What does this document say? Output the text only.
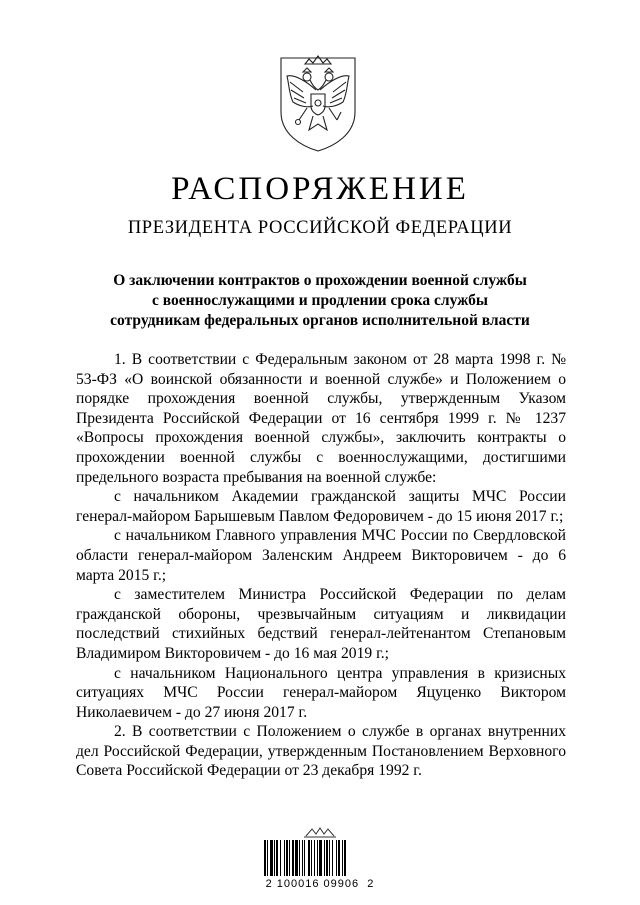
РАСПОРЯЖЕНИЕ
ПРЕЗИДЕНТА РОССИЙСКОЙ ФЕДЕРАЦИИ
О заключении контрактов о прохождении военной службы
с военнослужащими и продлении срока службы
сотрудникам федеральных органов исполнительной власти

1. В соответствии с Федеральным законом от 28 марта 1998 г. № 53-ФЗ «О воинской обязанности и военной службе» и Положением о порядке прохождения военной службы, утвержденным Указом Президента Российской Федерации от 16 сентября 1999 г. № 1237 «Вопросы прохождения военной службы», заключить контракты о прохождении военной службы с военнослужащими, достигшими предельного возраста пребывания на военной службе:

с начальником Академии гражданской защиты МЧС России генерал-майором Барышевым Павлом Федоровичем - до 15 июня 2017 г.;

с начальником Главного управления МЧС России по Свердловской области генерал-майором Заленским Андреем Викторовичем - до 6 марта 2015 г.;

с заместителем Министра Российской Федерации по делам гражданской обороны, чрезвычайным ситуациям и ликвидации последствий стихийных бедствий генерал-лейтенантом Степановым Владимиром Викторовичем - до 16 мая 2019 г.;

с начальником Национального центра управления в кризисных ситуациях МЧС России генерал-майором Яцуценко Виктором Николаевичем - до 27 июня 2017 г.

2. В соответствии с Положением о службе в органах внутренних дел Российской Федерации, утвержденным Постановлением Верховного Совета Российской Федерации от 23 декабря 1992 г.

2 100016 09906  2
